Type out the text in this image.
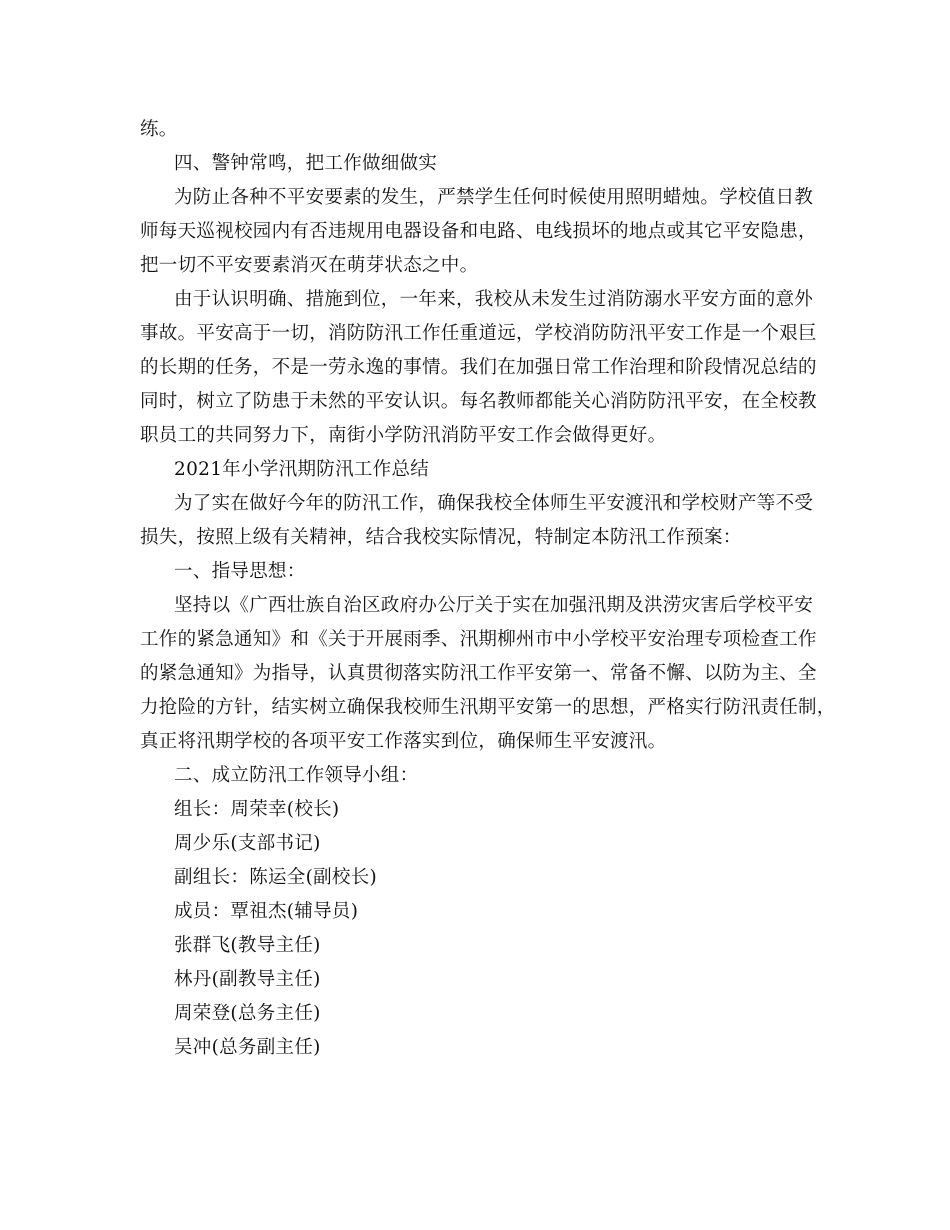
练。
四、警钟常鸣，把工作做细做实
为防止各种不平安要素的发生，严禁学生任何时候使用照明蜡烛。学校值日教
师每天巡视校园内有否违规用电器设备和电路、电线损坏的地点或其它平安隐患，
把一切不平安要素消灭在萌芽状态之中。
由于认识明确、措施到位，一年来，我校从未发生过消防溺水平安方面的意外
事故。平安高于一切，消防防汛工作任重道远，学校消防防汛平安工作是一个艰巨
的长期的任务，不是一劳永逸的事情。我们在加强日常工作治理和阶段情况总结的
同时，树立了防患于未然的平安认识。每名教师都能关心消防防汛平安，在全校教
职员工的共同努力下，南街小学防汛消防平安工作会做得更好。
2021年小学汛期防汛工作总结
为了实在做好今年的防汛工作，确保我校全体师生平安渡汛和学校财产等不受
损失，按照上级有关精神，结合我校实际情况，特制定本防汛工作预案：
一、指导思想：
坚持以《广西壮族自治区政府办公厅关于实在加强汛期及洪涝灾害后学校平安
工作的紧急通知》和《关于开展雨季、汛期柳州市中小学校平安治理专项检查工作
的紧急通知》为指导，认真贯彻落实防汛工作平安第一、常备不懈、以防为主、全
力抢险的方针，结实树立确保我校师生汛期平安第一的思想，严格实行防汛责任制，
真正将汛期学校的各项平安工作落实到位，确保师生平安渡汛。
二、成立防汛工作领导小组：
组长：周荣幸(校长)
周少乐(支部书记)
副组长：陈运全(副校长)
成员：覃祖杰(辅导员)
张群飞(教导主任)
林丹(副教导主任)
周荣登(总务主任)
吴冲(总务副主任)
